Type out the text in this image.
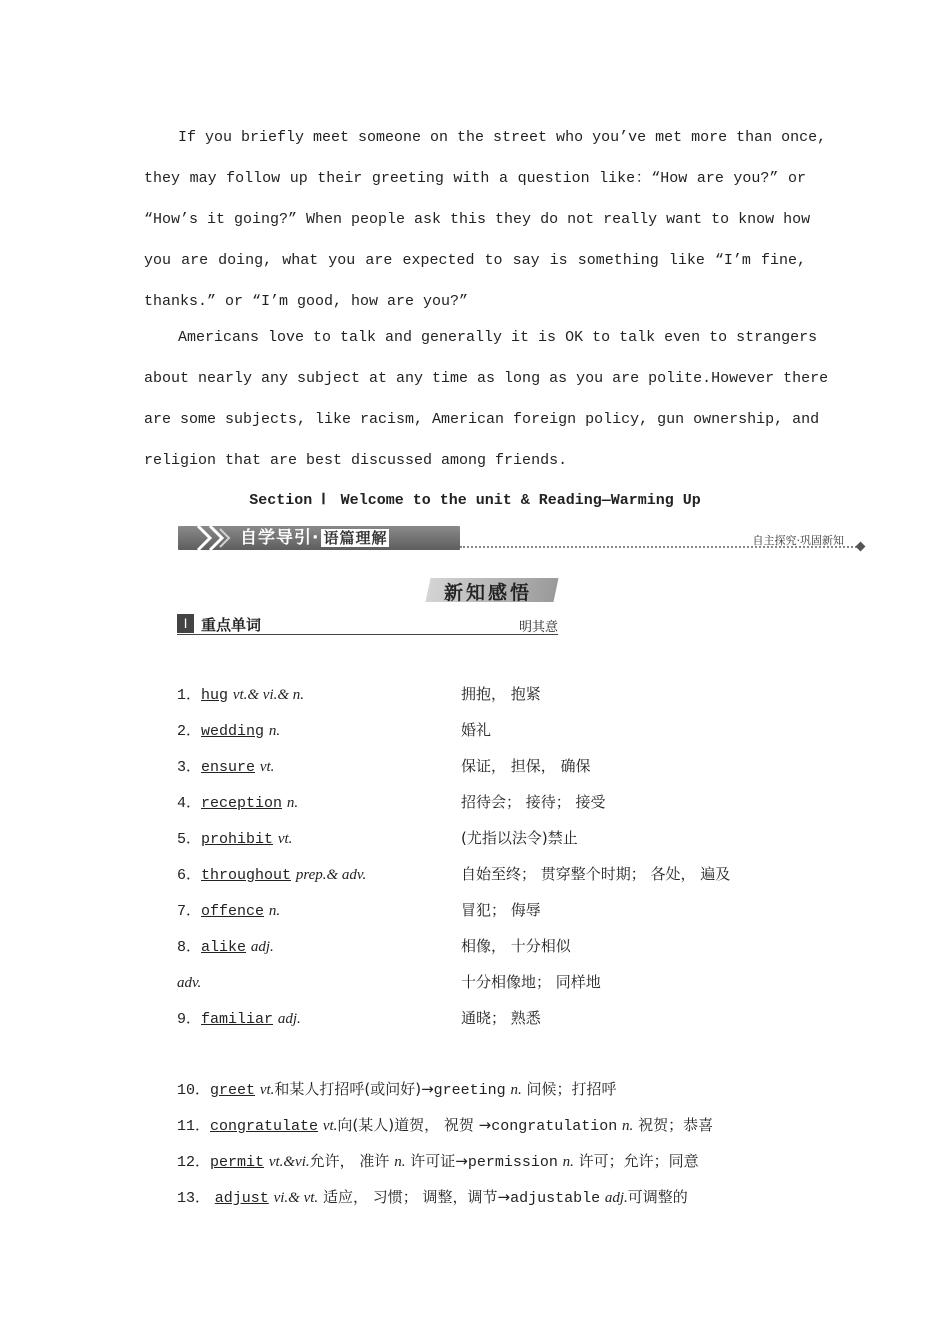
If you briefly meet someone on the street who you’ve met more than once,
they may follow up their greeting with a question like：“How are you?” or
“How’s it going?” When people ask this they do not really want to know how
you are doing, what you are expected to say is something like “I’m fine,
thanks.” or “I’m good, how are you?”
Americans love to talk and generally it is OK to talk even to strangers
about nearly any subject at any time as long as you are polite.However there
are some subjects, like racism, American foreign policy, gun ownership, and
religion that are best discussed among friends.
Section Ⅰ　Welcome to the unit & Reading—Warming Up
自学导引· 语篇理解	自主探究·巩固新知
新知感悟
Ⅰ 重点单词	明其意
1．hug vt.& vi.& n.	拥抱， 抱紧
2．wedding n.	婚礼
3．ensure vt.	保证， 担保， 确保
4．reception n.	招待会； 接待； 接受
5．prohibit vt.	(尤指以法令)禁止
6．throughout prep.& adv.	自始至终； 贯穿整个时期； 各处， 遍及
7．offence n.	冒犯； 侮辱
8．alike adj.	相像， 十分相似
adv.	十分相像地； 同样地
9．familiar adj.	通晓； 熟悉
10．greet vt.和某人打招呼(或问好)→greeting n. 问候；打招呼
11．congratulate vt.向(某人)道贺， 祝贺 →congratulation n. 祝贺；恭喜
12．permit vt.&vi.允许， 准许 n. 许可证→permission n. 许可；允许；同意
13． adjust vi.& vt. 适应， 习惯； 调整，调节→adjustable adj.可调整的
